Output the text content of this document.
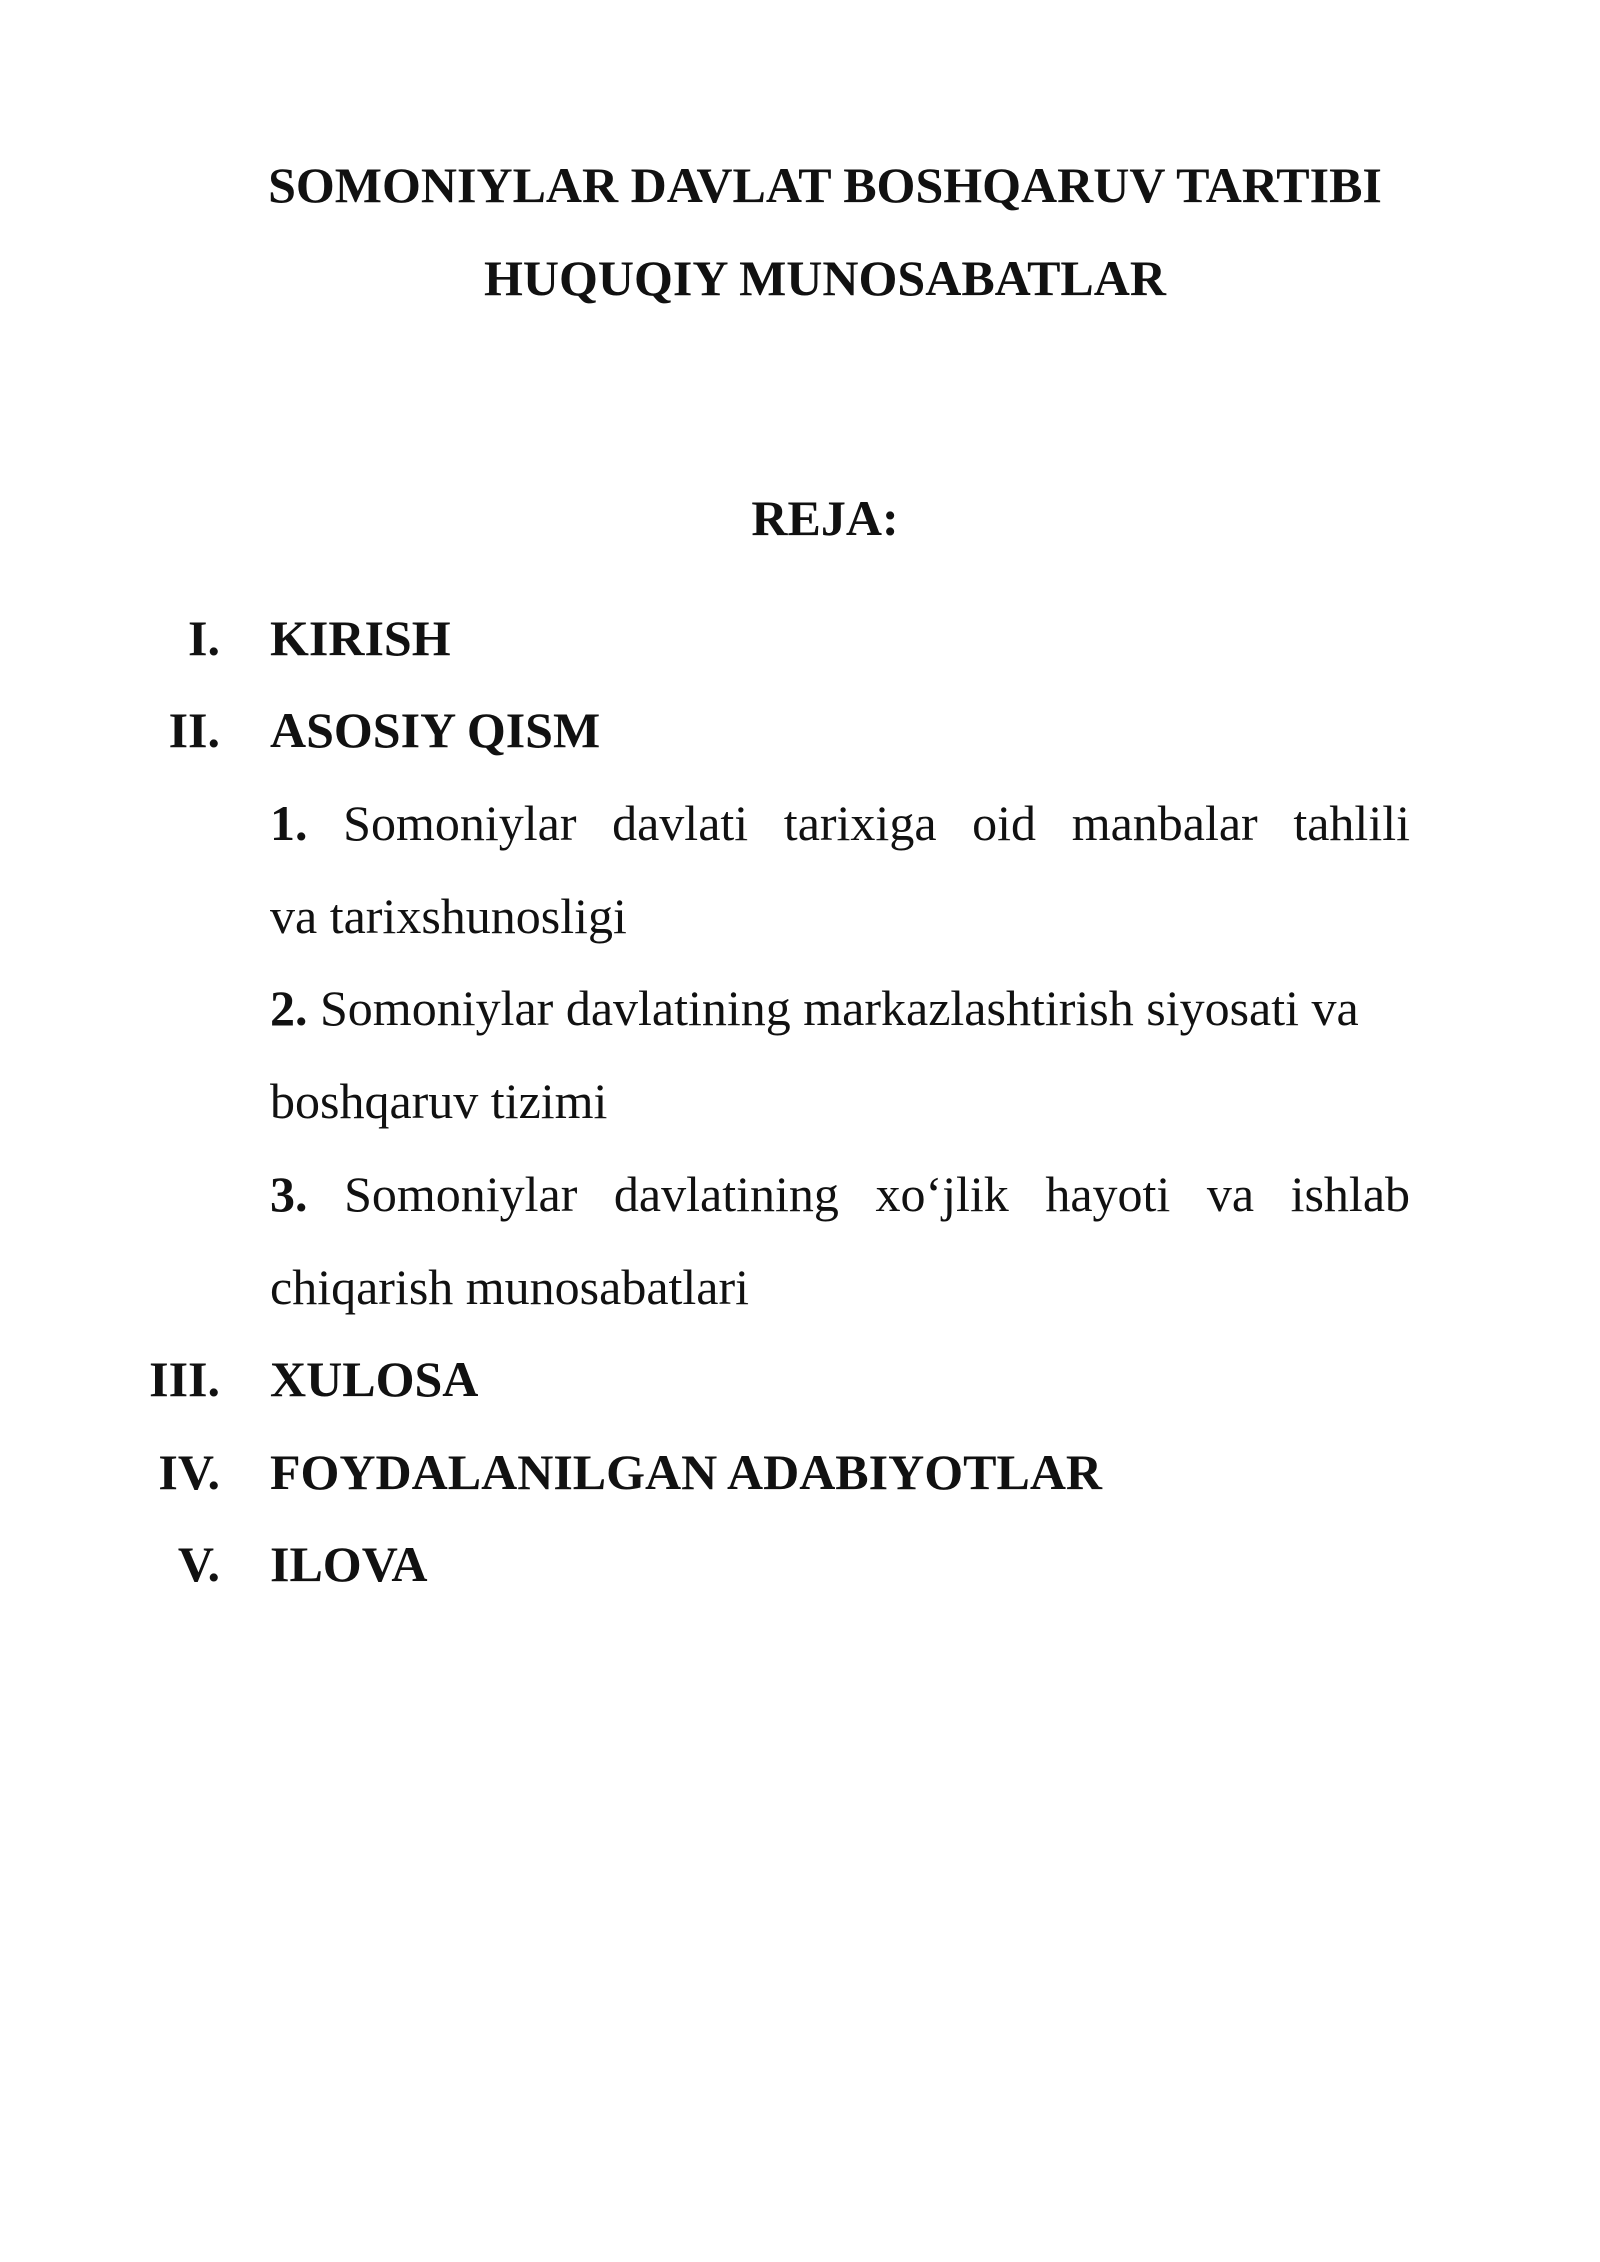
SOMONIYLAR DAVLAT BOSHQARUV TARTIBI
HUQUQIY MUNOSABATLAR
REJA:
I. KIRISH
II. ASOSIY QISM
1. Somoniylar davlati tarixiga oid manbalar tahlili
va tarixshunosligi
2. Somoniylar davlatining markazlashtirish siyosati va
boshqaruv tizimi
3. Somoniylar davlatining xo‘jlik hayoti va ishlab
chiqarish munosabatlari
III. XULOSA
IV. FOYDALANILGAN ADABIYOTLAR
V. ILOVA
